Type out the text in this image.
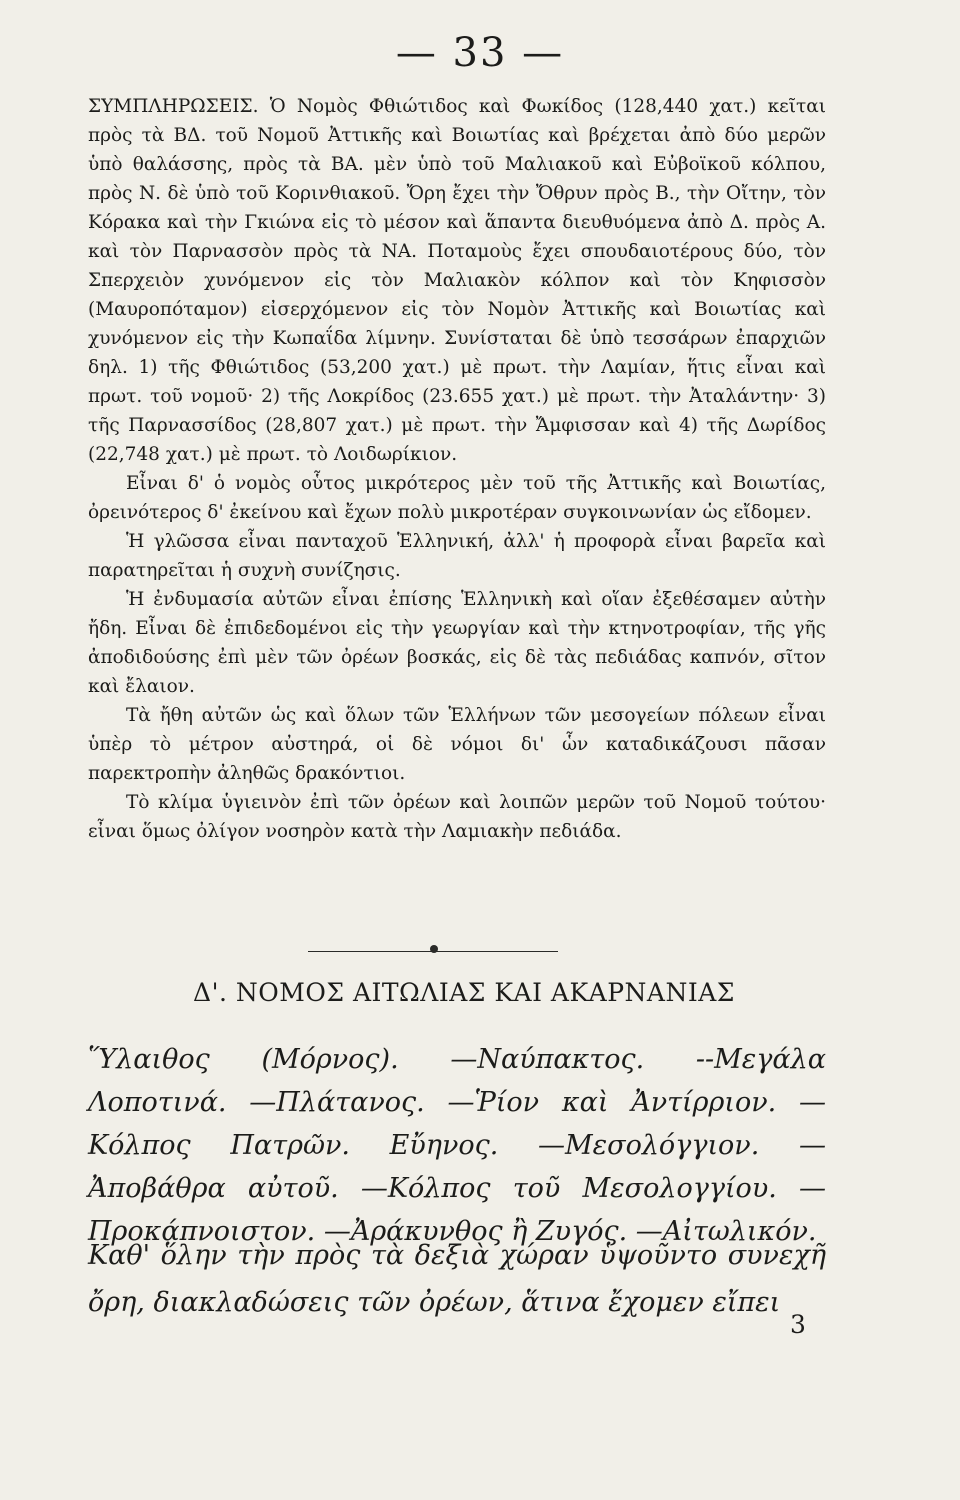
— 33 —

ΣΥΜΠΛΗΡΩΣΕΙΣ. Ὁ Νομὸς Φθιώτιδος καὶ Φωκίδος (128,440 χατ.) κεῖται πρὸς τὰ ΒΔ. τοῦ Νομοῦ Ἀττικῆς καὶ Βοιωτίας καὶ βρέχεται ἀπὸ δύο μερῶν ὑπὸ θαλάσσης, πρὸς τὰ ΒΑ. μὲν ὑπὸ τοῦ Μαλιακοῦ καὶ Εὐβοϊκοῦ κόλπου, πρὸς Ν. δὲ ὑπὸ τοῦ Κορινθιακοῦ. Ὄρη ἔχει τὴν Ὄθρυν πρὸς Β., τὴν Οἴτην, τὸν Κόρακα καὶ τὴν Γκιώνα εἰς τὸ μέσον καὶ ἅπαντα διευθυόμενα ἀπὸ Δ. πρὸς Α. καὶ τὸν Παρνασσὸν πρὸς τὰ ΝΑ. Ποταμοὺς ἔχει σπουδαιοτέρους δύο, τὸν Σπερχειὸν χυνόμενον εἰς τὸν Μαλιακὸν κόλπον καὶ τὸν Κηφισσὸν (Μαυροπόταμον) εἰσερχόμενον εἰς τὸν Νομὸν Ἀττικῆς καὶ Βοιωτίας καὶ χυνόμενον εἰς τὴν Κωπαΐδα λίμνην. Συνίσταται δὲ ὑπὸ τεσσάρων ἐπαρχιῶν δηλ. 1) τῆς Φθιώτιδος (53,200 χατ.) μὲ πρωτ. τὴν Λαμίαν, ἥτις εἶναι καὶ πρωτ. τοῦ νομοῦ· 2) τῆς Λοκρίδος (23.655 χατ.) μὲ πρωτ. τὴν Ἀταλάντην· 3) τῆς Παρνασσίδος (28,807 χατ.) μὲ πρωτ. τὴν Ἄμφισσαν καὶ 4) τῆς Δωρίδος (22,748 χατ.) μὲ πρωτ. τὸ Λοιδωρίκιον.

Εἶναι δ' ὁ νομὸς οὗτος μικρότερος μὲν τοῦ τῆς Ἀττικῆς καὶ Βοιωτίας, ὀρεινότερος δ' ἐκείνου καὶ ἔχων πολὺ μικροτέραν συγκοινωνίαν ὡς εἴδομεν.

Ἡ γλῶσσα εἶναι πανταχοῦ Ἑλληνική, ἀλλ' ἡ προφορὰ εἶναι βαρεῖα καὶ παρατηρεῖται ἡ συχνὴ συνίζησις.

Ἡ ἐνδυμασία αὐτῶν εἶναι ἐπίσης Ἑλληνικὴ καὶ οἵαν ἐξεθέσαμεν αὐτὴν ἤδη. Εἶναι δὲ ἐπιδεδομένοι εἰς τὴν γεωργίαν καὶ τὴν κτηνοτροφίαν, τῆς γῆς ἀποδιδούσης ἐπὶ μὲν τῶν ὀρέων βοσκάς, εἰς δὲ τὰς πεδιάδας καπνόν, σῖτον καὶ ἔλαιον.

Τὰ ἤθη αὐτῶν ὡς καὶ ὅλων τῶν Ἑλλήνων τῶν μεσογείων πόλεων εἶναι ὑπὲρ τὸ μέτρον αὐστηρά, οἱ δὲ νόμοι δι' ὧν καταδικάζουσι πᾶσαν παρεκτροπὴν ἀληθῶς δρακόντιοι.

Τὸ κλίμα ὑγιεινὸν ἐπὶ τῶν ὀρέων καὶ λοιπῶν μερῶν τοῦ Νομοῦ τούτου· εἶναι ὅμως ὀλίγον νοσηρὸν κατὰ τὴν Λαμιακὴν πεδιάδα.

Δ'. ΝΟΜΟΣ ΑΙΤΩΛΙΑΣ ΚΑΙ ΑΚΑΡΝΑΝΙΑΣ
Ὕλαιθος (Μόρνος). —Ναύπακτος. --Μεγάλα Λοποτινά. —Πλάτανος. —Ῥίον καὶ Ἀντίρριον. —Κόλπος Πατρῶν. Εὔηνος. —Μεσολόγγιον. —Ἀποβάθρα αὐτοῦ. —Κόλπος τοῦ Μεσολογγίου. —Προκάπνοιστον. —Ἀράκυνθος ἢ Ζυγός. —Αἰτωλικόν.

Καθ' ὅλην τὴν πρὸς τὰ δεξιὰ χώραν ὑψοῦντο συνεχῆ ὄρη, διακλαδώσεις τῶν ὀρέων, ἅτινα ἔχομεν εἴπει

3
